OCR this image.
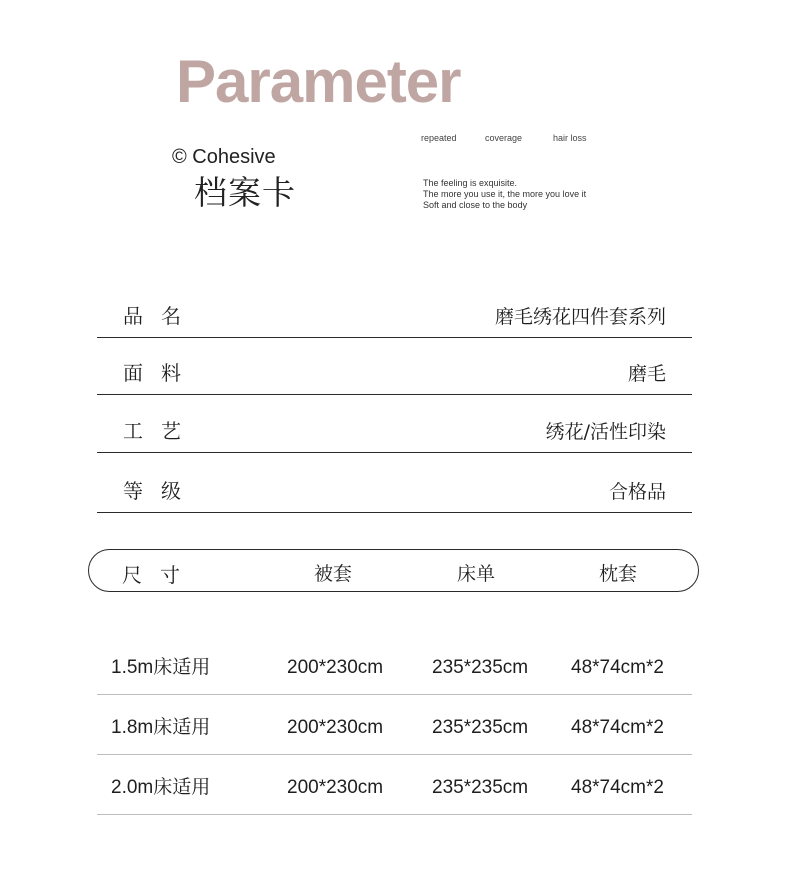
Parameter
© Cohesive
档案卡
repeated	coverage	hair loss
The feeling is exquisite.
The more you use it, the more you love it
Soft and close to the body
品名	磨毛绣花四件套系列
面料	磨毛
工艺	绣花/活性印染
等级	合格品
尺寸	被套	床单	枕套
1.5m床适用	200*230cm	235*235cm 48*74cm*2
1.8m床适用	200*230cm	235*235cm 48*74cm*2
2.0m床适用	200*230cm	235*235cm 48*74cm*2
